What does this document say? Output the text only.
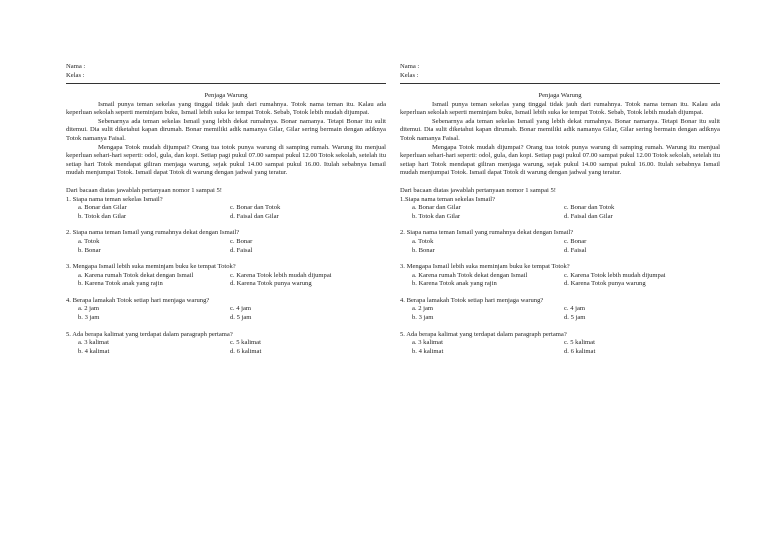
Nama :
Kelas :
Penjaga Warung

Ismail punya teman sekelas yang tinggal tidak jauh dari rumahnya. Totok nama teman itu. Kalau ada keperluan sekolah seperti meminjam buku, Ismail lebih suka ke tempat Totok. Sebab, Totok lebih mudah dijumpai.

Sebenarnya ada teman sekelas Ismail yang lebih dekat rumahnya. Bonar namanya. Tetapi Bonar itu sulit ditemui. Dia sulit diketahui kapan dirumah. Bonar memiliki adik namanya Gilar, Gilar sering bermain dengan adiknya Totok namanya Faisal.

Mengapa Totok mudah dijumpai? Orang tua totok punya warung di samping rumah. Warung itu menjual keperluan sehari-hari seperti: odol, gula, dan kopi. Setiap pagi pukul 07.00 sampai pukul 12.00 Totok sekolah, setelah itu setiap hari Totok mendapat giliran menjaga warung, sejak pukul 14.00 sampai pukul 16.00. Itulah sebabnya Ismail mudah menjumpai Totok. Ismail dapat Totok di warung dengan jadwal yang teratur.

Dari bacaan diatas jawablah pertanyaan nomor 1 sampai 5!
1. Siapa nama teman sekelas Ismail?
a. Bonar dan Gilar	c. Bonar dan Totok
b. Totok dan Gilar	d. Faisal dan Gilar
2. Siapa nama teman Ismail yang rumahnya dekat dengan Ismail?
a. Totok	c. Bonar
b. Bonar	d. Faisal
3. Mengapa Ismail lebih suka meminjam buku ke tempat Totok?
a. Karena rumah Totok dekat dengan Ismail	c. Karena Totok lebih mudah dijumpai
b. Karena Totok anak yang rajin	d. Karena Totok punya warung
4. Berapa lamakah Totok setiap hari menjaga warung?
a. 2 jam	c. 4 jam
b. 3 jam	d. 5 jam
5. Ada berapa kalimat yang terdapat dalam paragraph pertama?
a. 3 kalimat	c. 5 kalimat
b. 4 kalimat	d. 6 kalimat
Nama :
Kelas :
Penjaga Warung

Ismail punya teman sekelas yang tinggal tidak jauh dari rumahnya. Totok nama teman itu. Kalau ada keperluan sekolah seperti meminjam buku, Ismail lebih suka ke tempat Totok. Sebab, Totok lebih mudah dijumpai.

Sebenarnya ada teman sekelas Ismail yang lebih dekat rumahnya. Bonar namanya. Tetapi Bonar itu sulit ditemui. Dia sulit diketahui kapan dirumah. Bonar memiliki adik namanya Gilar, Gilar sering bermain dengan adiknya Totok namanya Faisal.

Mengapa Totok mudah dijumpai? Orang tua totok punya warung di samping rumah. Warung itu menjual keperluan sehari-hari seperti: odol, gula, dan kopi. Setiap pagi pukul 07.00 sampai pukul 12.00 Totok sekolah, setelah itu setiap hari Totok mendapat giliran menjaga warung, sejak pukul 14.00 sampai pukul 16.00. Itulah sebabnya Ismail mudah menjumpai Totok. Ismail dapat Totok di warung dengan jadwal yang teratur.

Dari bacaan diatas jawablah pertanyaan nomor 1 sampai 5!
1.Siapa nama teman sekelas Ismail?
a. Bonar dan Gilar	c. Bonar dan Totok
b. Totok dan Gilar	d. Faisal dan Gilar
2. Siapa nama teman Ismail yang rumahnya dekat dengan Ismail?
a. Totok	c. Bonar
b. Bonar	d. Faisal
3. Mengapa Ismail lebih suka meminjam buku ke tempat Totok?
a. Karena rumah Totok dekat dengan Ismail	c. Karena Totok lebih mudah dijumpai
b. Karena Totok anak yang rajin	d. Karena Totok punya warung
4. Berapa lamakah Totok setiap hari menjaga warung?
a. 2 jam	c. 4 jam
b. 3 jam	d. 5 jam
5. Ada berapa kalimat yang terdapat dalam paragraph pertama?
a. 3 kalimat	c. 5 kalimat
b. 4 kalimat	d. 6 kalimat
